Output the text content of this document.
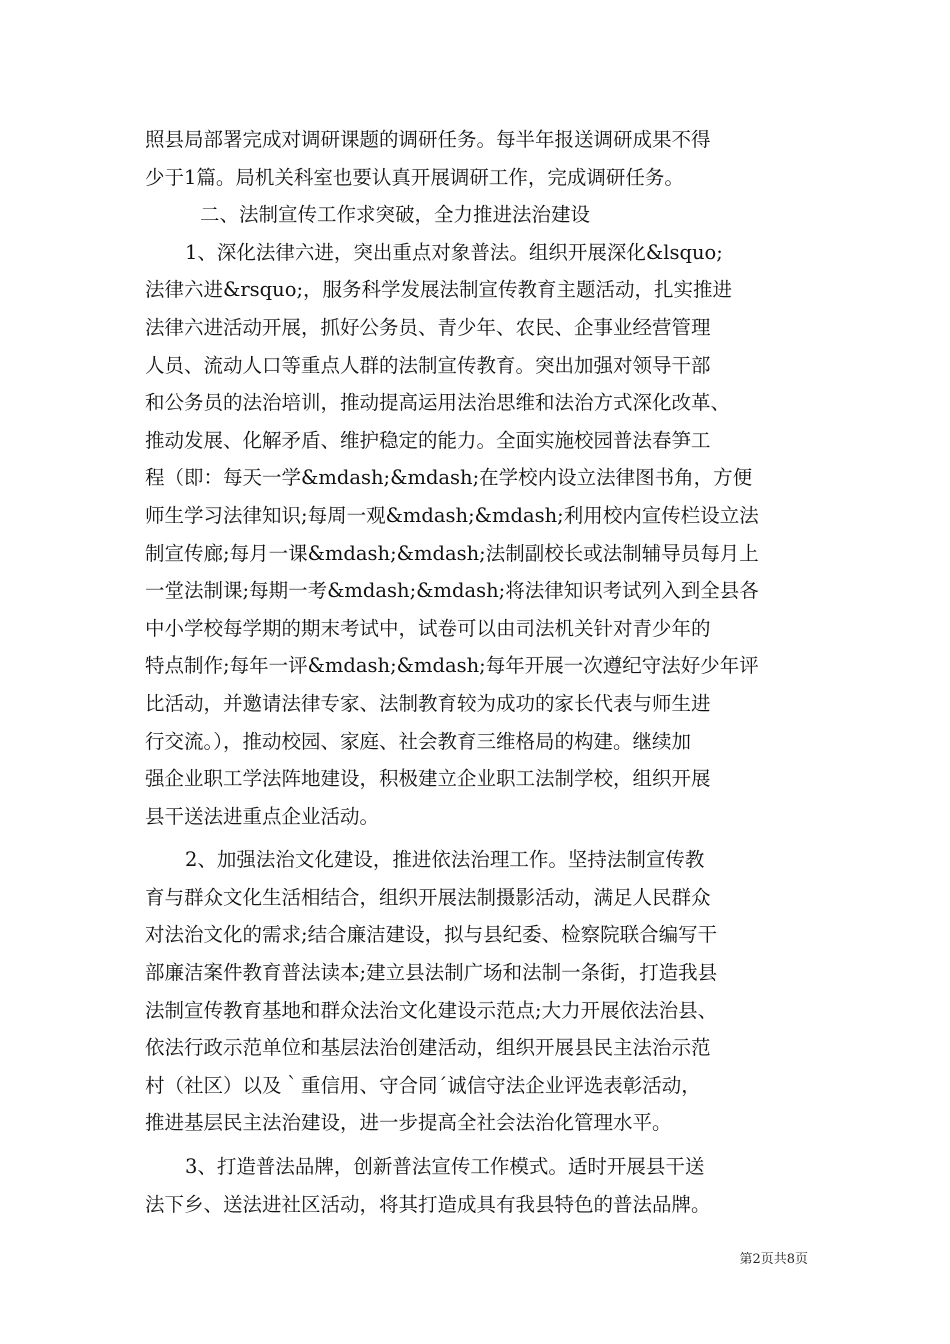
照县局部署完成对调研课题的调研任务。每半年报送调研成果不得
少于1篇。局机关科室也要认真开展调研工作，完成调研任务。
二、法制宣传工作求突破，全力推进法治建设
1、深化法律六进，突出重点对象普法。组织开展深化&lsquo;
法律六进&rsquo;，服务科学发展法制宣传教育主题活动，扎实推进
法律六进活动开展，抓好公务员、青少年、农民、企事业经营管理
人员、流动人口等重点人群的法制宣传教育。突出加强对领导干部
和公务员的法治培训，推动提高运用法治思维和法治方式深化改革、
推动发展、化解矛盾、维护稳定的能力。全面实施校园普法春笋工
程（即：每天一学&mdash;&mdash;在学校内设立法律图书角，方便
师生学习法律知识;每周一观&mdash;&mdash;利用校内宣传栏设立法
制宣传廊;每月一课&mdash;&mdash;法制副校长或法制辅导员每月上
一堂法制课;每期一考&mdash;&mdash;将法律知识考试列入到全县各
中小学校每学期的期末考试中，试卷可以由司法机关针对青少年的
特点制作;每年一评&mdash;&mdash;每年开展一次遵纪守法好少年评
比活动，并邀请法律专家、法制教育较为成功的家长代表与师生进
行交流。），推动校园、家庭、社会教育三维格局的构建。继续加
强企业职工学法阵地建设，积极建立企业职工法制学校，组织开展
县干送法进重点企业活动。
2、加强法治文化建设，推进依法治理工作。坚持法制宣传教
育与群众文化生活相结合，组织开展法制摄影活动，满足人民群众
对法治文化的需求;结合廉洁建设，拟与县纪委、检察院联合编写干
部廉洁案件教育普法读本;建立县法制广场和法制一条街，打造我县
法制宣传教育基地和群众法治文化建设示范点;大力开展依法治县、
依法行政示范单位和基层法治创建活动，组织开展县民主法治示范
村（社区）以及｀重信用、守合同´诚信守法企业评选表彰活动，
推进基层民主法治建设，进一步提高全社会法治化管理水平。
3、打造普法品牌，创新普法宣传工作模式。适时开展县干送
法下乡、送法进社区活动，将其打造成具有我县特色的普法品牌。
第2页共8页
